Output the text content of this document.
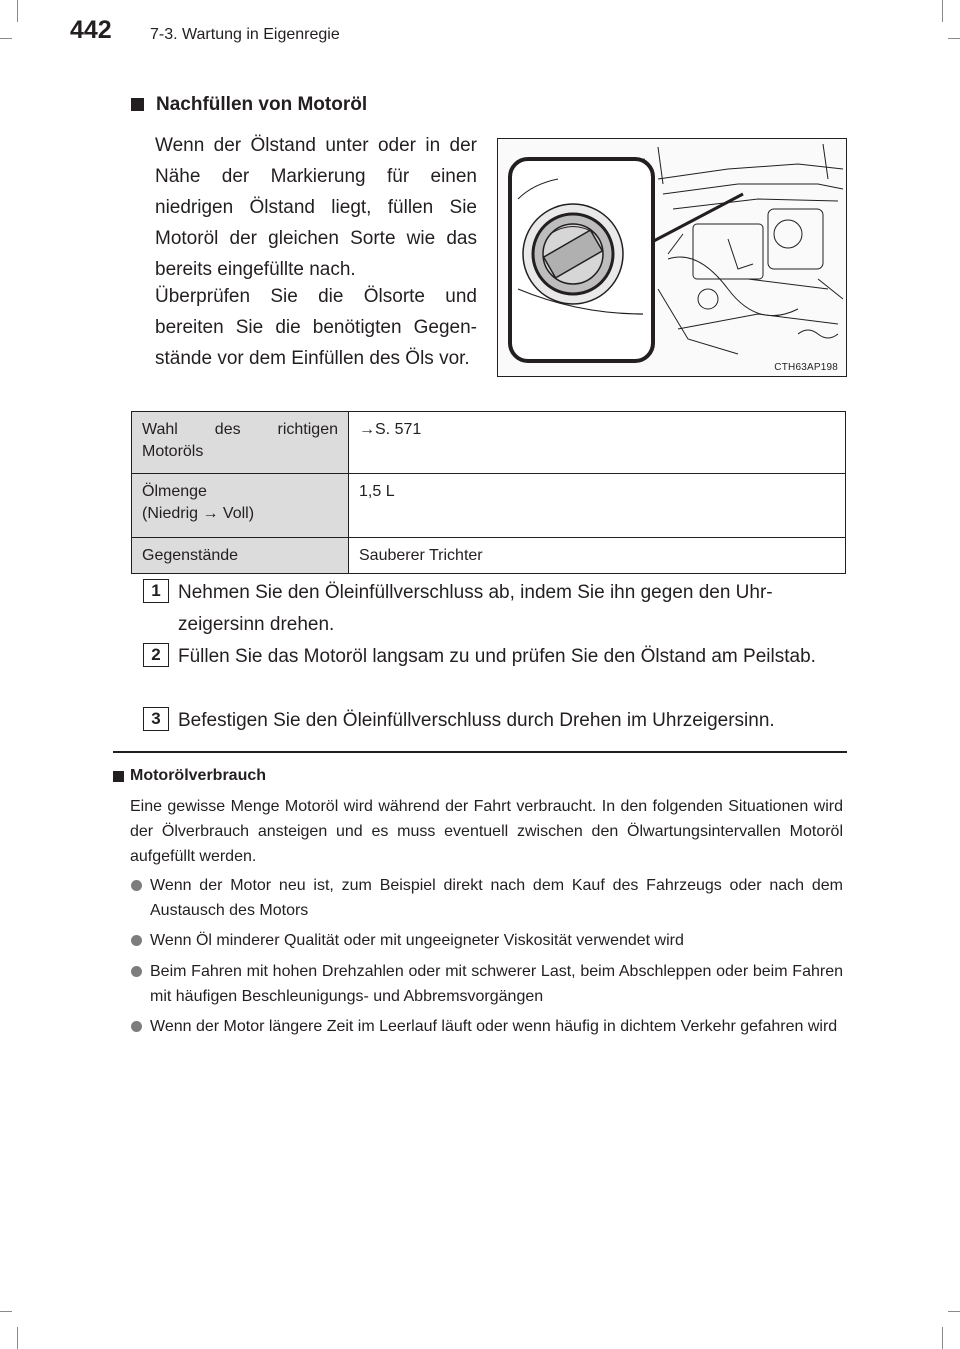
442 7-3. Wartung in Eigenregie
Nachfüllen von Motoröl
Wenn der Ölstand unter oder in der Nähe der Markierung für einen niedrigen Ölstand liegt, füllen Sie Motoröl der gleichen Sorte wie das bereits eingefüllte nach.
Überprüfen Sie die Ölsorte und bereiten Sie die benötigten Gegenstände vor dem Einfüllen des Öls vor.	CTH63AP198
Wahl des richtigen
Motoröls	→S. 571

Ölmenge
(Niedrig → Voll)	1,5 L
Gegenstände	Sauberer Trichter
1 Nehmen Sie den Öleinfüllverschluss ab, indem Sie ihn gegen den Uhrzeigersinn drehen.
2 Füllen Sie das Motoröl langsam zu und prüfen Sie den Ölstand am Peilstab.
3 Befestigen Sie den Öleinfüllverschluss durch Drehen im Uhrzeigersinn.
Motorölverbrauch
Eine gewisse Menge Motoröl wird während der Fahrt verbraucht. In den folgenden Situationen wird der Ölverbrauch ansteigen und es muss eventuell zwischen den Ölwartungsintervallen Motoröl aufgefüllt werden.
Wenn der Motor neu ist, zum Beispiel direkt nach dem Kauf des Fahrzeugs oder nach dem Austausch des Motors
Wenn Öl minderer Qualität oder mit ungeeigneter Viskosität verwendet wird
Beim Fahren mit hohen Drehzahlen oder mit schwerer Last, beim Abschleppen oder beim Fahren mit häufigen Beschleunigungs- und Abbremsvorgängen
Wenn der Motor längere Zeit im Leerlauf läuft oder wenn häufig in dichtem Verkehr gefahren wird
